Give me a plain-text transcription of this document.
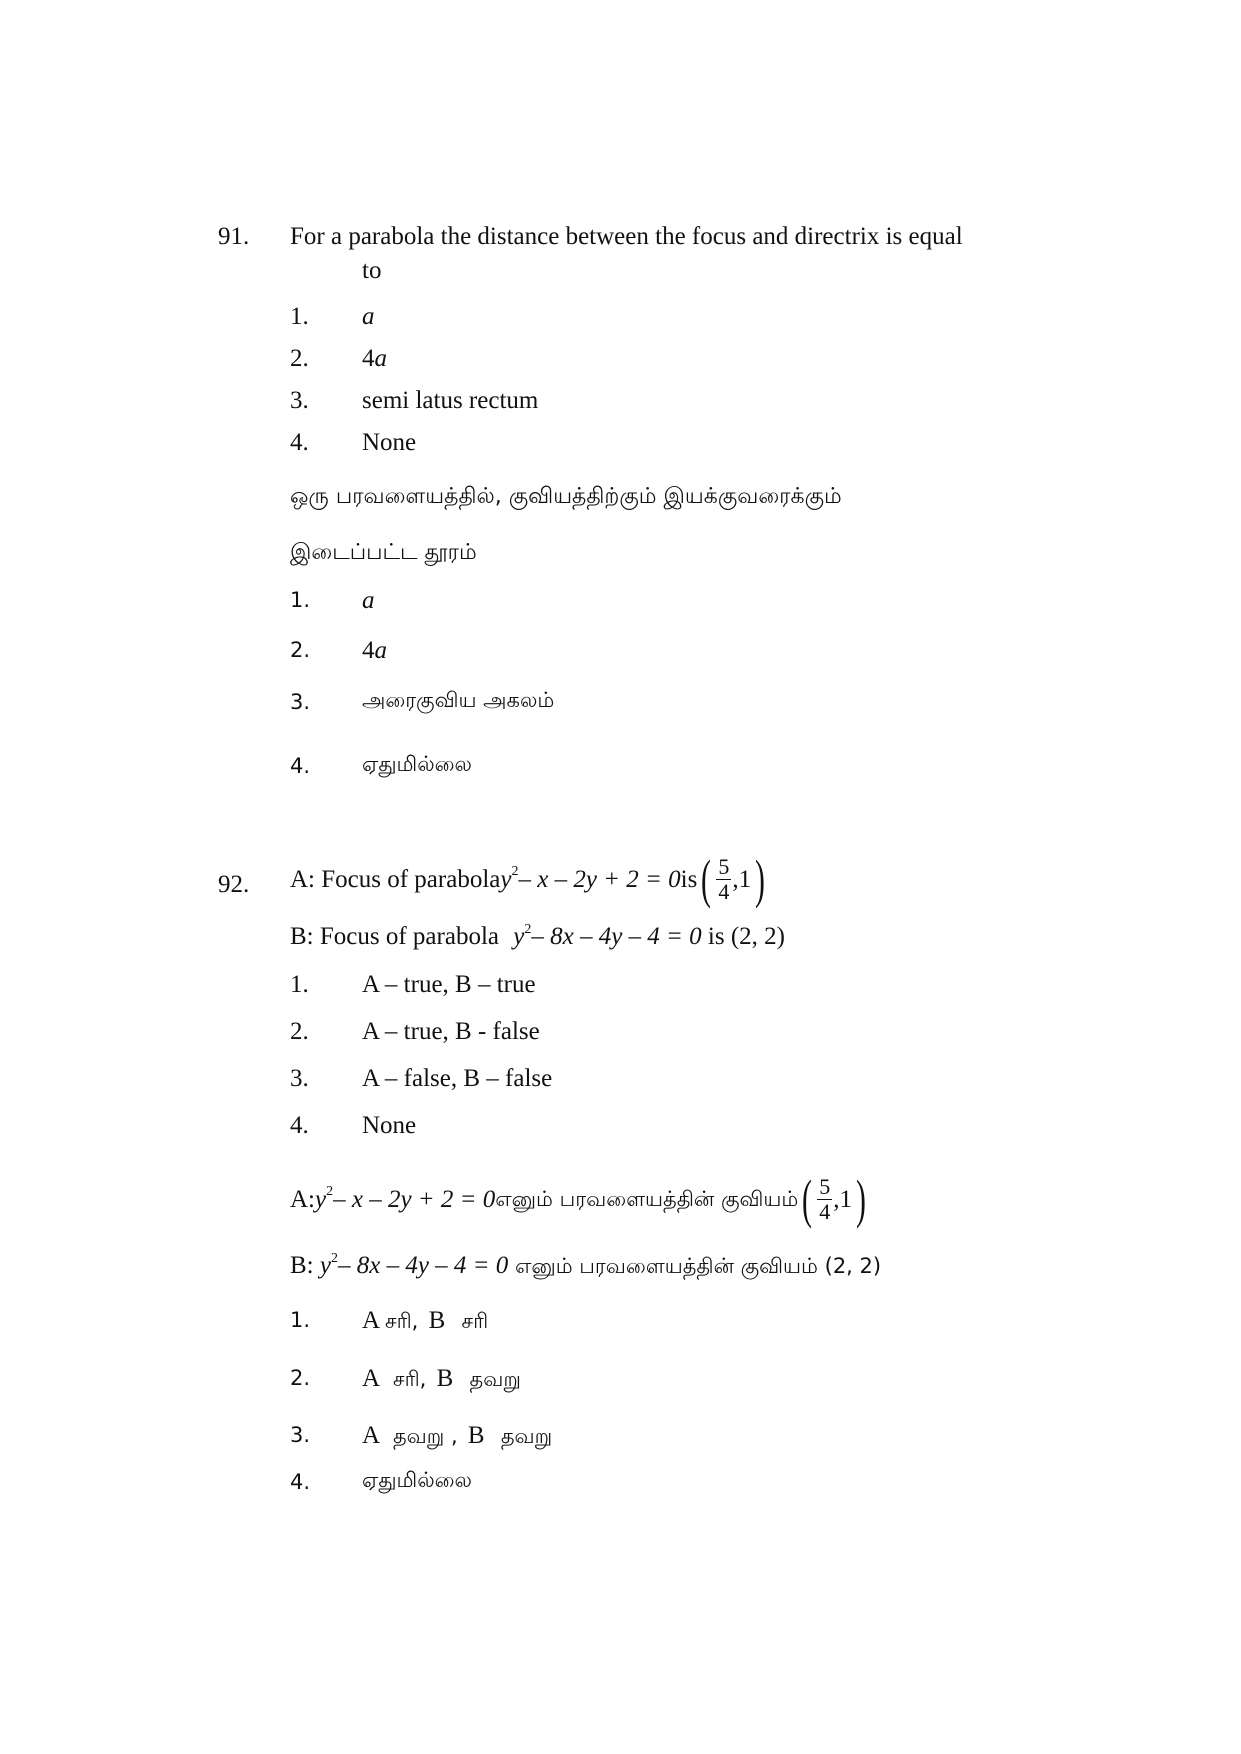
91. For a parabola the distance between the focus and directrix is equal
to
1. a
2. 4a
3. semi latus rectum
4. None
ஒரு பரவளையத்தில், குவியத்திற்கும் இயக்குவரைக்கும்
இடைப்பட்ட தூரம்
1. a
2. 4a
3. அரைகுவிய அகலம்
4. ஏதுமில்லை
92. A: Focus of parabolay$^2$– $x - 2y + 2 = 0is( \frac{5}{4} ,1)$
B: Focus of parabola $y^2-$ 8x – 4y – 4 = 0 is (2, 2)
1. A – true, B – true
2. A – true, B - false
3. A – false, B – false
4. None
$A:y^2-$ x – 2y + 2 = 0எனும் பரவளையத்தின் குவியம்( $\frac{5}{4} ,1$)
B: $y^2-$ 8x – 4y – 4 = 0 எனும் பரவளையத்தின் குவியம் (2, 2)
1. A சரி, B சரி
2. A சரி, B தவறு
3. A தவறு , B தவறு
4. ஏதுமில்லை
